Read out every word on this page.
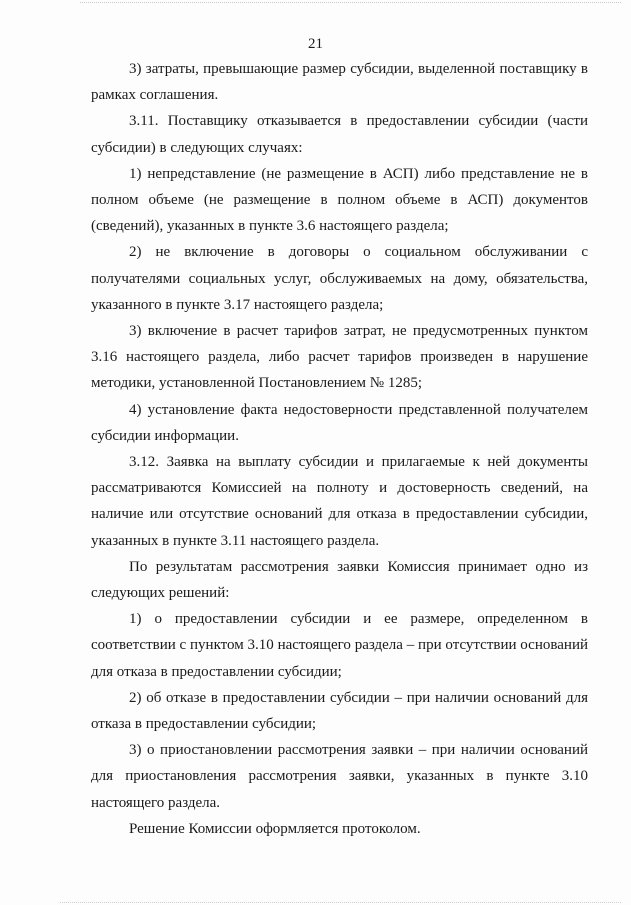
21

3) затраты, превышающие размер субсидии, выделенной поставщику в рамках соглашения.

3.11. Поставщику отказывается в предоставлении субсидии (части субсидии) в следующих случаях:

1) непредставление (не размещение в АСП) либо представление не в полном объеме (не размещение в полном объеме в АСП) документов (сведений), указанных в пункте 3.6 настоящего раздела;

2) не включение в договоры о социальном обслуживании с получателями социальных услуг, обслуживаемых на дому, обязательства, указанного в пункте 3.17 настоящего раздела;

3) включение в расчет тарифов затрат, не предусмотренных пунктом 3.16 настоящего раздела, либо расчет тарифов произведен в нарушение методики, установленной Постановлением № 1285;

4) установление факта недостоверности представленной получателем субсидии информации.

3.12. Заявка на выплату субсидии и прилагаемые к ней документы рассматриваются Комиссией на полноту и достоверность сведений, на наличие или отсутствие оснований для отказа в предоставлении субсидии, указанных в пункте 3.11 настоящего раздела.

По результатам рассмотрения заявки Комиссия принимает одно из следующих решений:

1) о предоставлении субсидии и ее размере, определенном в соответствии с пунктом 3.10 настоящего раздела – при отсутствии оснований для отказа в предоставлении субсидии;

2) об отказе в предоставлении субсидии – при наличии оснований для отказа в предоставлении субсидии;

3) о приостановлении рассмотрения заявки – при наличии оснований для приостановления рассмотрения заявки, указанных в пункте 3.10 настоящего раздела.

Решение Комиссии оформляется протоколом.
